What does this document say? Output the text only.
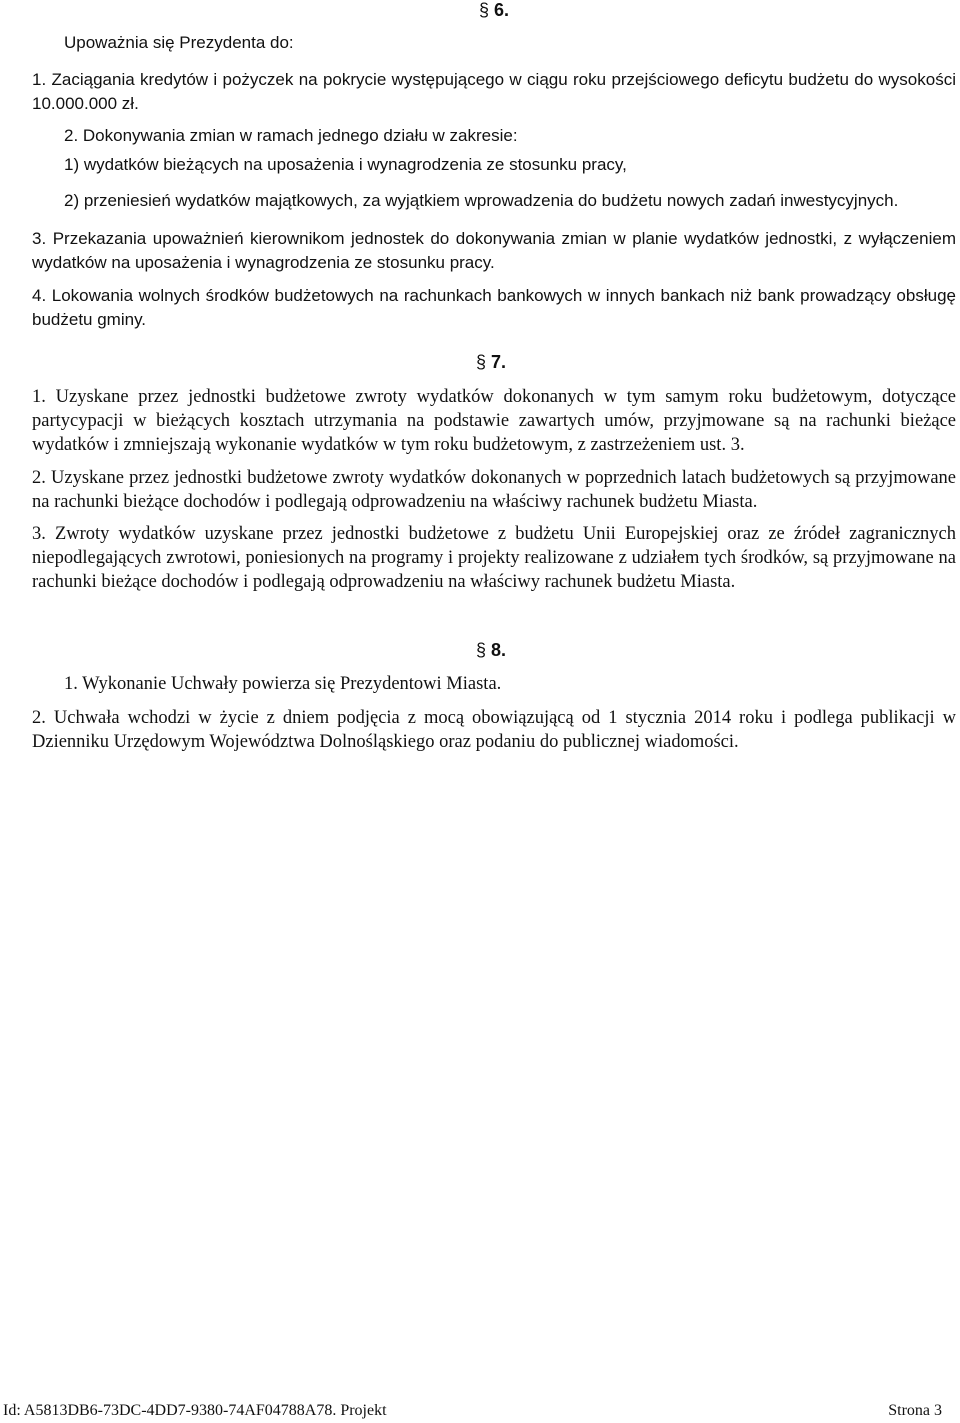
§ 6.

Upoważnia się Prezydenta do:

1. Zaciągania kredytów i pożyczek na pokrycie występującego w ciągu roku przejściowego deficytu budżetu do wysokości 10.000.000 zł.

2. Dokonywania zmian w ramach jednego działu w zakresie:

1) wydatków bieżących na uposażenia i wynagrodzenia ze stosunku pracy,

2) przeniesień wydatków majątkowych, za wyjątkiem wprowadzenia do budżetu nowych zadań inwestycyjnych.

3. Przekazania upoważnień kierownikom jednostek do dokonywania zmian w planie wydatków jednostki, z wyłączeniem wydatków na uposażenia i wynagrodzenia ze stosunku pracy.

4. Lokowania wolnych środków budżetowych na rachunkach bankowych w innych bankach niż bank prowadzący obsługę budżetu gminy.

§ 7.

1. Uzyskane przez jednostki budżetowe zwroty wydatków dokonanych w tym samym roku budżetowym, dotyczące partycypacji w bieżących kosztach utrzymania na podstawie zawartych umów, przyjmowane są na rachunki bieżące wydatków i zmniejszają wykonanie wydatków w tym roku budżetowym, z zastrzeżeniem ust. 3.

2. Uzyskane przez jednostki budżetowe zwroty wydatków dokonanych w poprzednich latach budżetowych są przyjmowane na rachunki bieżące dochodów i podlegają odprowadzeniu na właściwy rachunek budżetu Miasta.

3. Zwroty wydatków uzyskane przez jednostki budżetowe z budżetu Unii Europejskiej oraz ze źródeł zagranicznych niepodlegających zwrotowi, poniesionych na programy i projekty realizowane z udziałem tych środków, są przyjmowane na rachunki bieżące dochodów i podlegają odprowadzeniu na właściwy rachunek budżetu Miasta.

§ 8.

1. Wykonanie Uchwały powierza się Prezydentowi Miasta.

2. Uchwała wchodzi w życie z dniem podjęcia z mocą obowiązującą od 1 stycznia 2014 roku i podlega publikacji w Dzienniku Urzędowym Województwa Dolnośląskiego oraz podaniu do publicznej wiadomości.

Id: A5813DB6-73DC-4DD7-9380-74AF04788A78. Projekt	Strona 3
